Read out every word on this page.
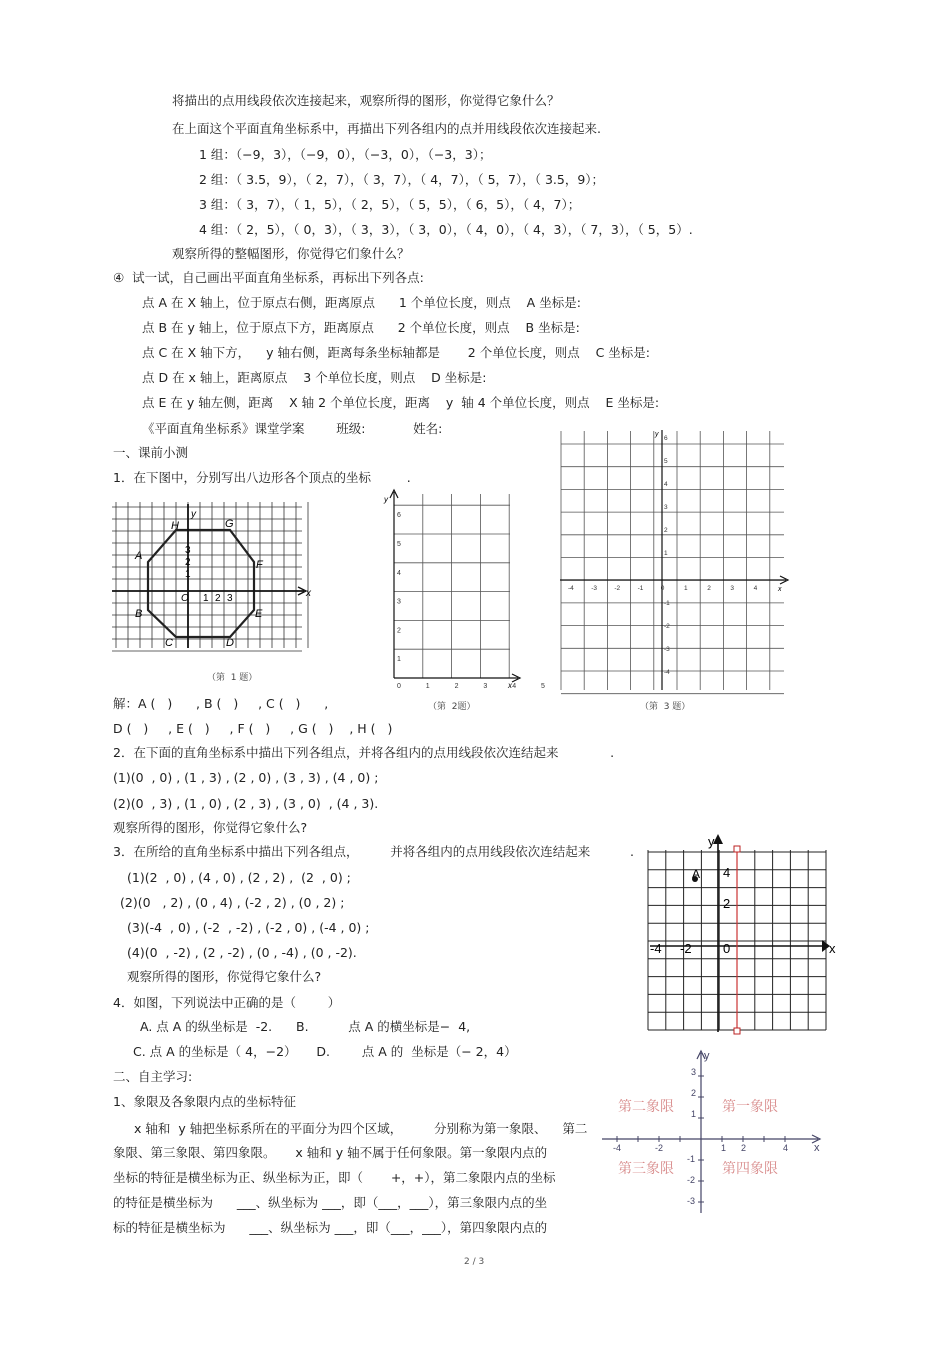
将描出的点用线段依次连接起来，观察所得的图形，你觉得它象什么？
在上面这个平面直角坐标系中，再描出下列各组内的点并用线段依次连接起来.
1 组：（−9，3），（−9，0），（−3，0），（−3，3）；
2 组：（ 3.5，9），（ 2，7），（ 3，7），（ 4，7），（ 5，7），（ 3.5，9）；
3 组：（ 3，7），（ 1，5），（ 2，5），（ 5，5），（ 6，5），（ 4，7）；
4 组：（ 2，5），（ 0，3），（ 3，3），（ 3，0），（ 4，0），（ 4，3），（ 7，3），（ 5，5）.
观察所得的整幅图形，你觉得它们象什么？
④  试一试，自己画出平面直角坐标系，再标出下列各点:
点 A 在 X 轴上，位于原点右侧，距离原点      1 个单位长度，则点    A 坐标是:
点 B 在 y 轴上，位于原点下方，距离原点      2 个单位长度，则点    B 坐标是:
点 C 在 X 轴下方，    y 轴右侧，距离每条坐标轴都是       2 个单位长度，则点    C 坐标是:
点 D 在 x 轴上，距离原点    3 个单位长度，则点    D 坐标是:
点 E 在 y 轴左侧，距离    X 轴 2 个单位长度，距离    y  轴 4 个单位长度，则点    E 坐标是:
《平面直角坐标系》课堂学案        班级:            姓名:
一、课前小测
1．在下图中，分别写出八边形各个顶点的坐标         .
解：A (   )      , B (   )     , C (   )      ,
D (   )     , E (   )     , F (   )     , G (   )    , H (   )
2．在下面的直角坐标系中描出下列各组点，并将各组内的点用线段依次连结起来             .
(1)(0  , 0) , (1 , 3) , (2 , 0) , (3 , 3) , (4 , 0) ;
(2)(0  , 3) , (1 , 0) , (2 , 3) , (3 , 0)  , (4 , 3).
观察所得的图形，你觉得它象什么?
3．在所给的直角坐标系中描出下列各组点，        并将各组内的点用线段依次连结起来          .
(1)(2  , 0) , (4 , 0) , (2 , 2) ,  (2  , 0) ;
(2)(0   , 2) , (0 , 4) , (-2 , 2) , (0 , 2) ;
(3)(-4  , 0) , (-2  , -2) , (-2 , 0) , (-4 , 0) ;
(4)(0  , -2) , (2 , -2) , (0 , -4) , (0 , -2).
观察所得的图形，你觉得它象什么?
4．如图，下列说法中正确的是（        ）
A. 点 A 的纵坐标是  -2.      B.          点 A 的横坐标是−  4,
C. 点 A 的坐标是（ 4，−2）     D.        点 A 的  坐标是（− 2，4）
二、自主学习:
1、象限及各象限内点的坐标特征
x 轴和  y 轴把坐标系所在的平面分为四个区域，        分别称为第一象限、    第二
象限、第三象限、第四象限。     x 轴和 y 轴不属于任何象限。第一象限内点的
坐标的特征是横坐标为正、纵坐标为正，即（       +，+），第二象限内点的坐标
的特征是横坐标为      ___、纵坐标为 ___，即（___，___），第三象限内点的坐
标的特征是横坐标为      ___、纵坐标为 ___，即（___，___），第四象限内点的
2 / 3
H	G
A
F
B	E
C	D
x
y
O 1 2 3
1
2
3
（第  1 题）
0	1	2	3	4	5
1
2
3
4
5
6
y
x
（第  2题）
-4	-3	-2	-1	0	1	2	3	4
6
5
4
3
2
1
-1
-2
-3
-4
y
x
（第  3 题）
A
y
x
4
2
0
-4 -2
y
x
第二象限	第一象限
第三象限	第四象限
-4	-2	1 2	4
3
2
1
-1
-2
-3
